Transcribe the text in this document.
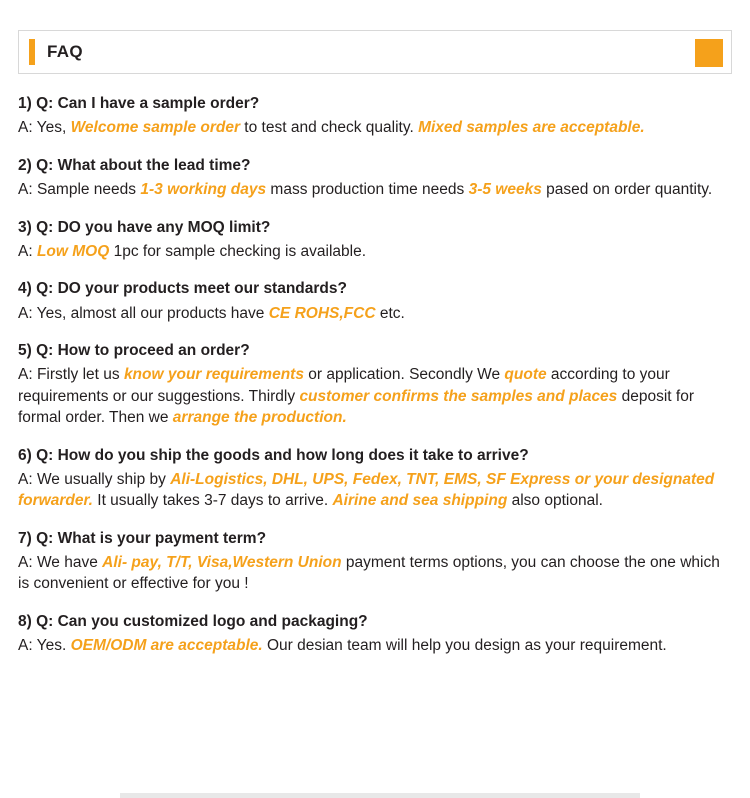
FAQ
1) Q: Can I have a sample order?
A: Yes, Welcome sample order to test and check quality. Mixed samples are acceptable.
2) Q: What about the lead time?
A: Sample needs 1-3 working days mass production time needs 3-5 weeks pased on order quantity.
3) Q: DO you have any MOQ limit?
A: Low MOQ 1pc for sample checking is available.
4) Q: DO your products meet our standards?
A: Yes, almost all our products have CE ROHS,FCC etc.
5) Q: How to proceed an order?
A: Firstly let us know your requirements or application. Secondly We quote according to your requirements or our suggestions. Thirdly customer confirms the samples and places deposit for formal order. Then we arrange the production.
6) Q: How do you ship the goods and how long does it take to arrive?
A: We usually ship by Ali-Logistics, DHL, UPS, Fedex, TNT, EMS, SF Express or your designated forwarder. It usually takes 3-7 days to arrive. Airine and sea shipping also optional.
7) Q: What is your payment term?
A: We have Ali- pay, T/T, Visa,Western Union payment terms options, you can choose the one which is convenient or effective for you !
8) Q: Can you customized logo and packaging?
A: Yes. OEM/ODM are acceptable. Our desian team will help you design as your requirement.
